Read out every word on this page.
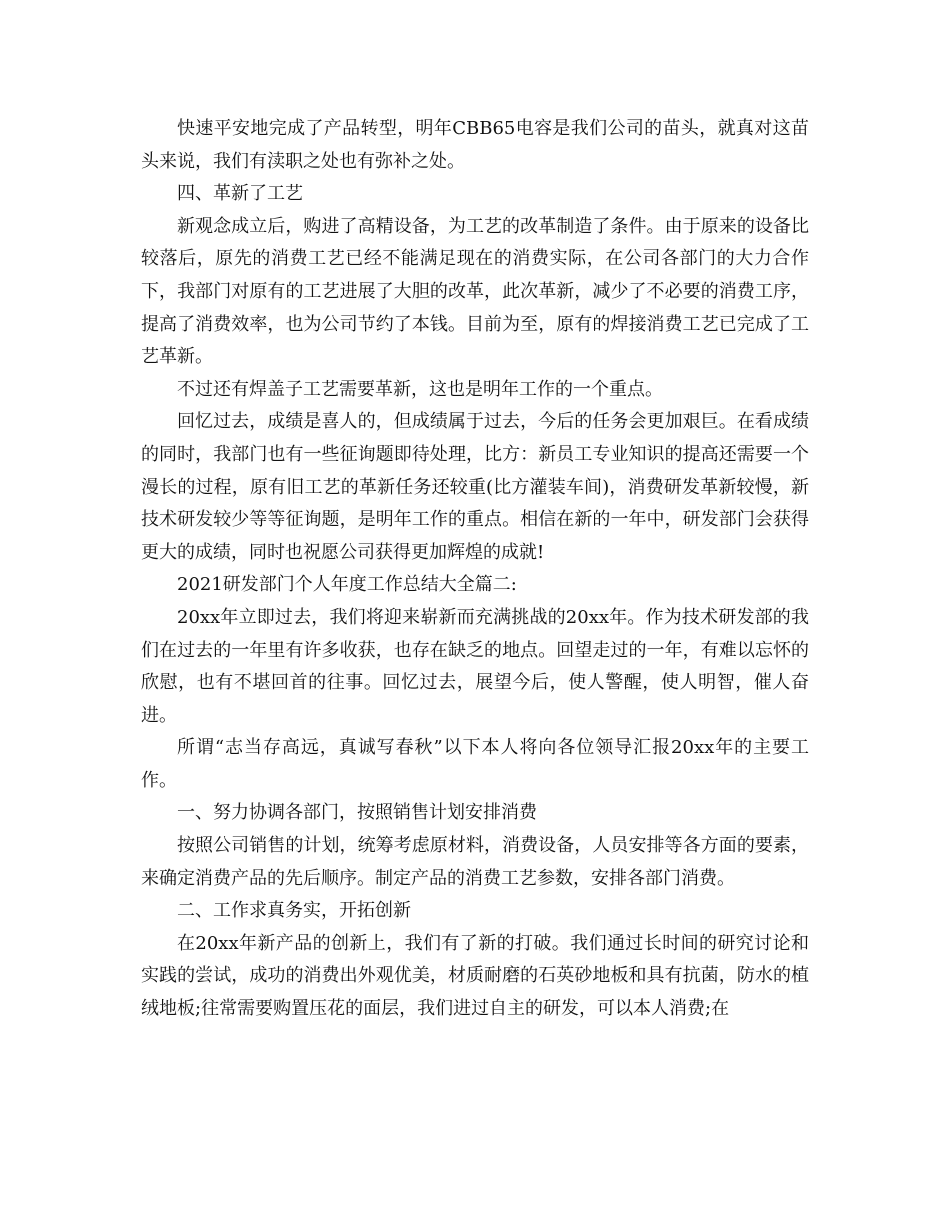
快速平安地完成了产品转型，明年CBB65电容是我们公司的苗头，就真对这苗头来说，我们有渎职之处也有弥补之处。

四、革新了工艺

新观念成立后，购进了高精设备，为工艺的改革制造了条件。由于原来的设备比较落后，原先的消费工艺已经不能满足现在的消费实际，在公司各部门的大力合作下，我部门对原有的工艺进展了大胆的改革，此次革新，减少了不必要的消费工序，提高了消费效率，也为公司节约了本钱。目前为至，原有的焊接消费工艺已完成了工艺革新。

不过还有焊盖子工艺需要革新，这也是明年工作的一个重点。

回忆过去，成绩是喜人的，但成绩属于过去，今后的任务会更加艰巨。在看成绩的同时，我部门也有一些征询题即待处理，比方：新员工专业知识的提高还需要一个漫长的过程，原有旧工艺的革新任务还较重(比方灌装车间)，消费研发革新较慢，新技术研发较少等等征询题，是明年工作的重点。相信在新的一年中，研发部门会获得更大的成绩，同时也祝愿公司获得更加辉煌的成就!

2021研发部门个人年度工作总结大全篇二:

20xx年立即过去，我们将迎来崭新而充满挑战的20xx年。作为技术研发部的我们在过去的一年里有许多收获，也存在缺乏的地点。回望走过的一年，有难以忘怀的欣慰，也有不堪回首的往事。回忆过去，展望今后，使人警醒，使人明智，催人奋进。

所谓“志当存高远，真诚写春秋”以下本人将向各位领导汇报20xx年的主要工作。

一、努力协调各部门，按照销售计划安排消费

按照公司销售的计划，统筹考虑原材料，消费设备，人员安排等各方面的要素，来确定消费产品的先后顺序。制定产品的消费工艺参数，安排各部门消费。

二、工作求真务实，开拓创新

在20xx年新产品的创新上，我们有了新的打破。我们通过长时间的研究讨论和实践的尝试，成功的消费出外观优美，材质耐磨的石英砂地板和具有抗菌，防水的植绒地板;往常需要购置压花的面层，我们进过自主的研发，可以本人消费;在
